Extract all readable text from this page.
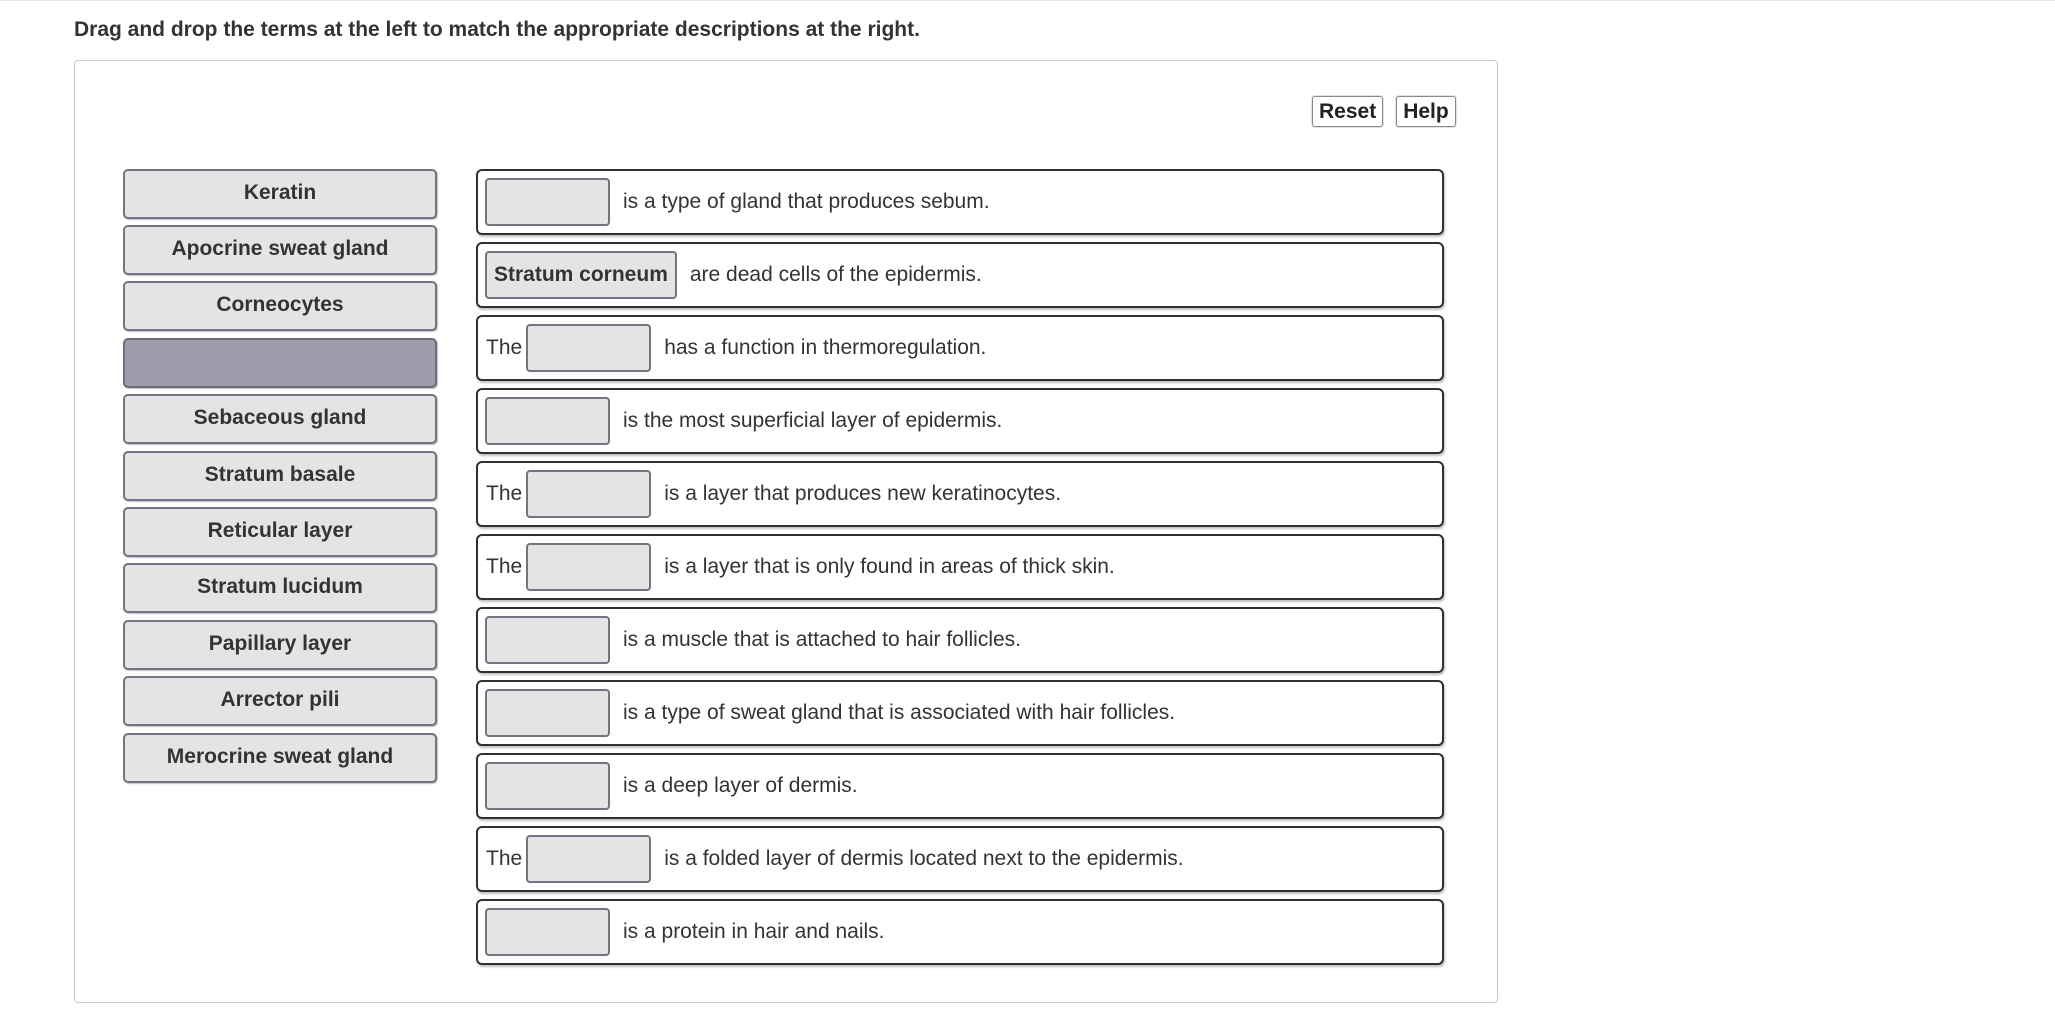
Drag and drop the terms at the left to match the appropriate descriptions at the right.
Reset	Help
Keratin
Apocrine sweat gland
Corneocytes
Sebaceous gland
Stratum basale
Reticular layer
Stratum lucidum
Papillary layer
Arrector pili
Merocrine sweat gland
is a type of gland that produces sebum.
Stratum corneum	are dead cells of the epidermis.
The	has a function in thermoregulation.
is the most superficial layer of epidermis.
The	is a layer that produces new keratinocytes.
The	is a layer that is only found in areas of thick skin.
is a muscle that is attached to hair follicles.
is a type of sweat gland that is associated with hair follicles.
is a deep layer of dermis.
The	is a folded layer of dermis located next to the epidermis.
is a protein in hair and nails.
